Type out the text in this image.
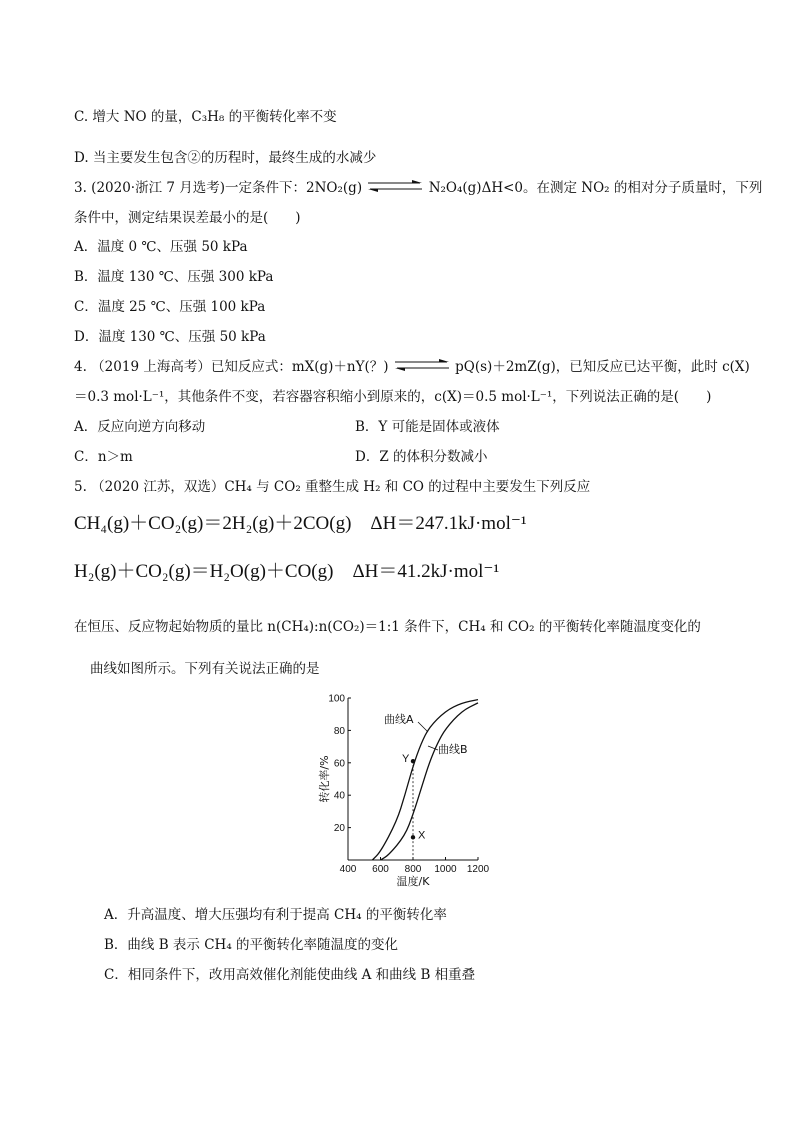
C. 增大 NO 的量，C₃H₈ 的平衡转化率不变
D. 当主要发生包含②的历程时，最终生成的水减少
3. (2020·浙江 7 月选考)一定条件下：2NO₂(g)	N₂O₄(g)ΔH<0。在测定 NO₂ 的相对分子质量时，下列
条件中，测定结果误差最小的是(　　)
A．温度 0 ℃、压强 50 kPa
B．温度 130 ℃、压强 300 kPa
C．温度 25 ℃、压强 100 kPa
D．温度 130 ℃、压强 50 kPa
4. （2019 上海高考）已知反应式：mX(g)＋nY(？)	pQ(s)＋2mZ(g)，已知反应已达平衡，此时 c(X)
＝0.3 mol·L⁻¹，其他条件不变，若容器容积缩小到原来的，c(X)＝0.5 mol·L⁻¹，下列说法正确的是(　　)
A．反应向逆方向移动	B．Y 可能是固体或液体
C．n＞m	D．Z 的体积分数减小
5. （2020 江苏，双选）CH₄ 与 CO₂ 重整生成 H₂ 和 CO 的过程中主要发生下列反应
CH₄(g)＋CO₂(g)＝2H₂(g)＋2CO(g)　ΔH＝247.1kJ·mol⁻¹
H₂(g)＋CO₂(g)＝H₂O(g)＋CO(g)　ΔH＝41.2kJ·mol⁻¹
在恒压、反应物起始物质的量比 n(CH₄):n(CO₂)＝1:1 条件下，CH₄ 和 CO₂ 的平衡转化率随温度变化的
曲线如图所示。下列有关说法正确的是
400 600 800 1000 1200
20
40
60
80
100
温度/K
转化率/%
曲线A
曲线B
Y
X
A．升高温度、增大压强均有利于提高 CH₄ 的平衡转化率
B．曲线 B 表示 CH₄ 的平衡转化率随温度的变化
C．相同条件下，改用高效催化剂能使曲线 A 和曲线 B 相重叠
